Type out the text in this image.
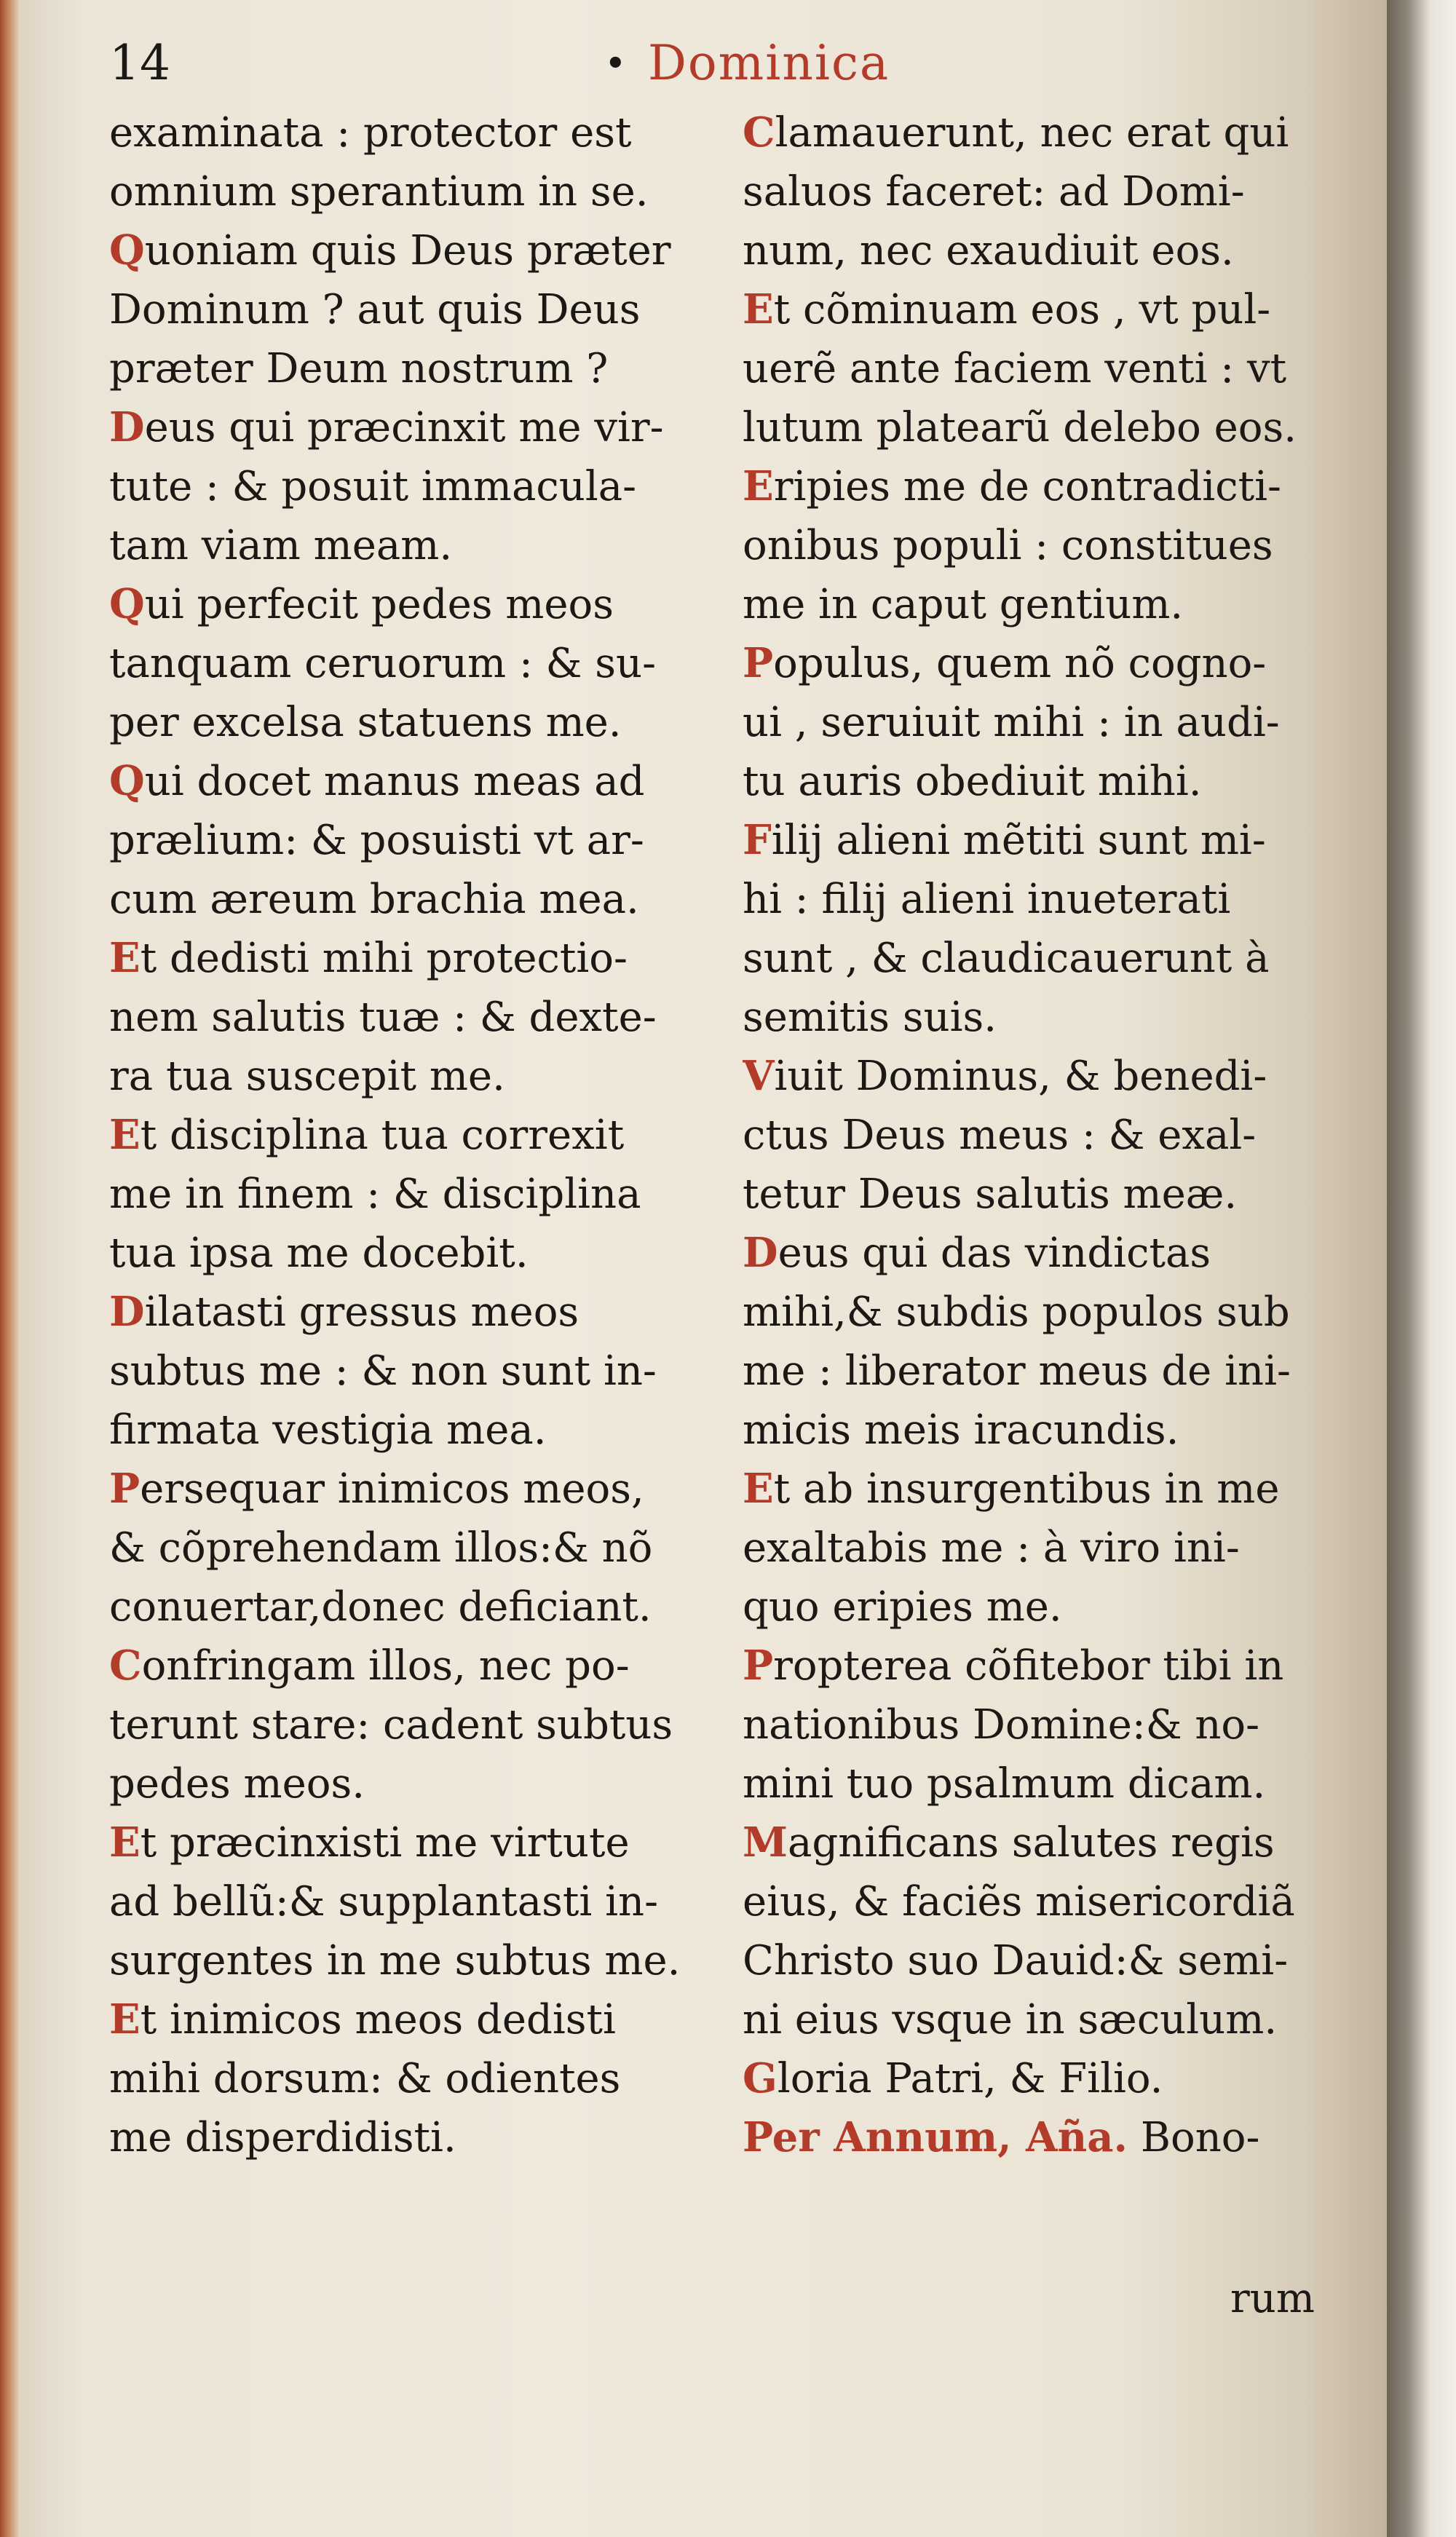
14	• Dominica
examinata : protector est
omnium sperantium in se.
Quoniam quis Deus præter
Dominum ? aut quis Deus
præter Deum nostrum ?
Deus qui præcinxit me vir-
tute : & posuit immacula-
tam viam meam.
Qui perfecit pedes meos
tanquam ceruorum : & su-
per excelsa statuens me.
Qui docet manus meas ad
prælium: & posuisti vt ar-
cum æreum brachia mea.
Et dedisti mihi protectio-
nem salutis tuæ : & dexte-
ra tua suscepit me.
Et disciplina tua correxit
me in finem : & disciplina
tua ipsa me docebit.
Dilatasti gressus meos
subtus me : & non sunt in-
firmata vestigia mea.
Persequar inimicos meos,
& cõprehendam illos:& nõ
conuertar,donec deficiant.
Confringam illos, nec po-
terunt stare: cadent subtus
pedes meos.
Et præcinxisti me virtute
ad bellũ:& supplantasti in-
surgentes in me subtus me.
Et inimicos meos dedisti
mihi dorsum: & odientes
me disperdidisti.
Clamauerunt, nec erat qui
saluos faceret: ad Domi-
num, nec exaudiuit eos.
Et cõminuam eos , vt pul-
uerẽ ante faciem venti : vt
lutum platearũ delebo eos.
Eripies me de contradicti-
onibus populi : constitues
me in caput gentium.
Populus, quem nõ cogno-
ui , seruiuit mihi : in audi-
tu auris obediuit mihi.
Filij alieni mẽtiti sunt mi-
hi : filij alieni inueterati
sunt , & claudicauerunt à
semitis suis.
Viuit Dominus, & benedi-
ctus Deus meus : & exal-
tetur Deus salutis meæ.
Deus qui das vindictas
mihi,& subdis populos sub
me : liberator meus de ini-
micis meis iracundis.
Et ab insurgentibus in me
exaltabis me : à viro ini-
quo eripies me.
Propterea cõfitebor tibi in
nationibus Domine:& no-
mini tuo psalmum dicam.
Magnificans salutes regis
eius, & faciẽs misericordiã
Christo suo Dauid:& semi-
ni eius vsque in sæculum.
Gloria Patri, & Filio.
Per Annum, Aña. Bono-
rum
